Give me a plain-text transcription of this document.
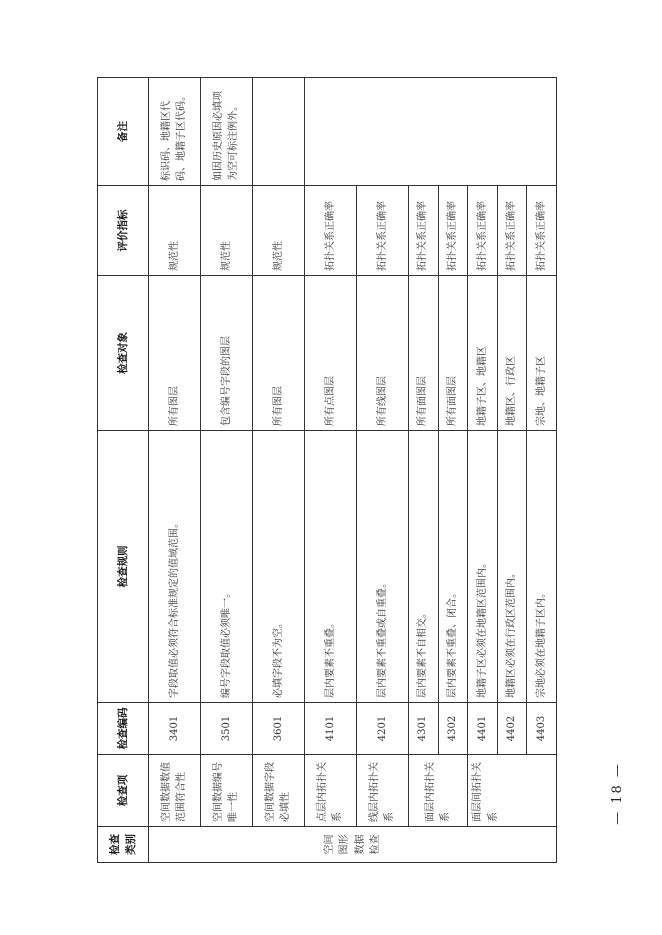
检查类别	检查项	检查编码	检查规则	检查对象	评价指标	备注
空间图形数据检查	空间数据数值范围符合性	3401	字段取值必须符合标准规定的值域范围。	所有图层	规范性	标识码、地籍区代码、地籍子区代码。
	空间数据编号唯一性	3501	编号字段取值必须唯一。	包含编号字段的图层	规范性	如因历史原因必填项为空可标注例外。
	空间数据字段必填性	3601	必填字段不为空。	所有图层	规范性	
	点层内拓扑关系	4101	层内要素不重叠。	所有点图层	拓扑关系正确率	
	线层内拓扑关系	4201	层内要素不重叠或自重叠。	所有线图层	拓扑关系正确率	
	面层内拓扑关系	4301	层内要素不自相交。	所有面图层	拓扑关系正确率	
		4302	层内要素不重叠、闭合。	所有面图层	拓扑关系正确率	
	面层间拓扑关系	4401	地籍子区必须在地籍区范围内。	地籍子区、地籍区	拓扑关系正确率	
		4402	地籍区必须在行政区范围内。	地籍区、行政区	拓扑关系正确率	
		4403	宗地必须在地籍子区内。	宗地、地籍子区	拓扑关系正确率	
— 18 —
